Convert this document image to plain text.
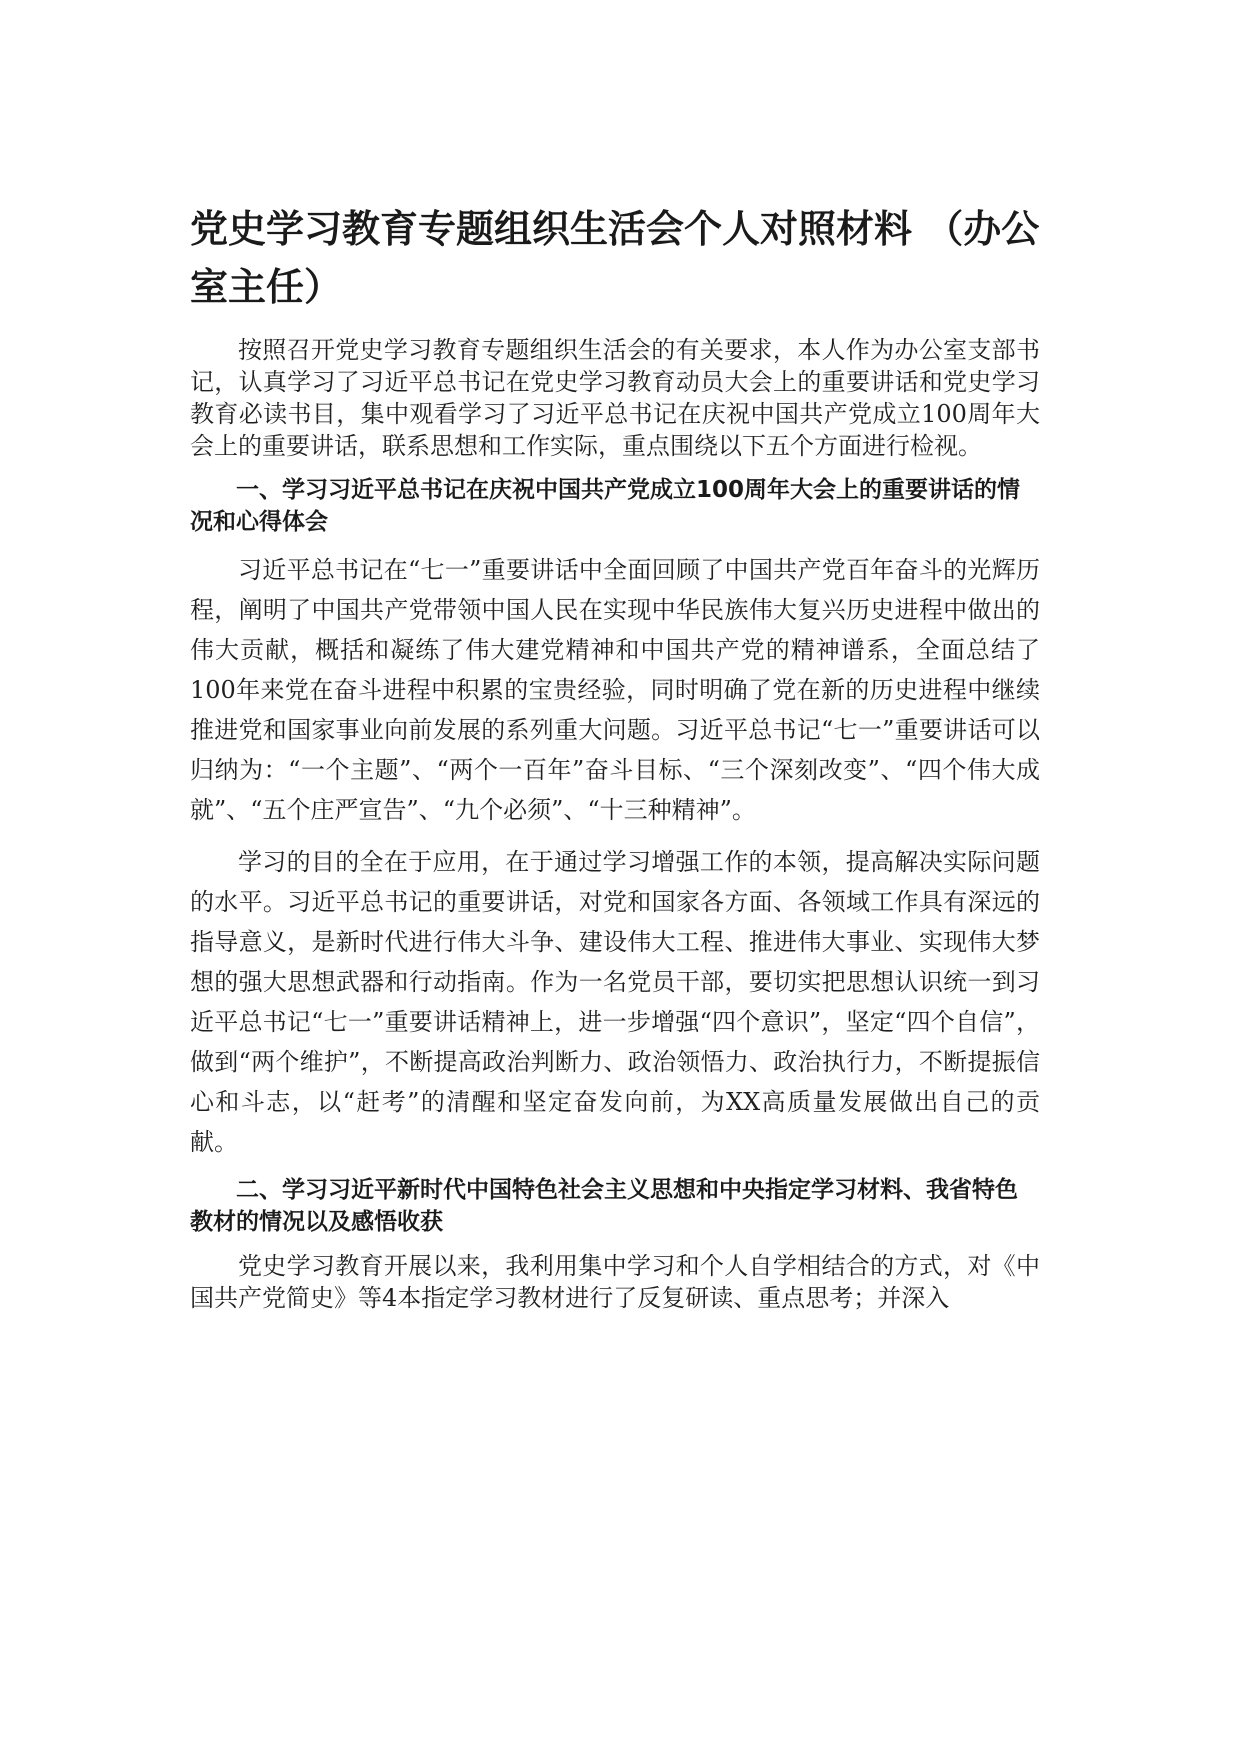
党史学习教育专题组织生活会个人对照材料 （办公室主任）

按照召开党史学习教育专题组织生活会的有关要求，本人作为办公室支部书记，认真学习了习近平总书记在党史学习教育动员大会上的重要讲话和党史学习教育必读书目，集中观看学习了习近平总书记在庆祝中国共产党成立100周年大会上的重要讲话，联系思想和工作实际，重点围绕以下五个方面进行检视。

一、学习习近平总书记在庆祝中国共产党成立100周年大会上的重要讲话的情况和心得体会

习近平总书记在“七一”重要讲话中全面回顾了中国共产党百年奋斗的光辉历程，阐明了中国共产党带领中国人民在实现中华民族伟大复兴历史进程中做出的伟大贡献，概括和凝练了伟大建党精神和中国共产党的精神谱系，全面总结了100年来党在奋斗进程中积累的宝贵经验，同时明确了党在新的历史进程中继续推进党和国家事业向前发展的系列重大问题。习近平总书记“七一”重要讲话可以归纳为：“一个主题”、“两个一百年”奋斗目标、“三个深刻改变”、“四个伟大成就”、“五个庄严宣告”、“九个必须”、“十三种精神”。

学习的目的全在于应用，在于通过学习增强工作的本领，提高解决实际问题的水平。习近平总书记的重要讲话，对党和国家各方面、各领域工作具有深远的指导意义，是新时代进行伟大斗争、建设伟大工程、推进伟大事业、实现伟大梦想的强大思想武器和行动指南。作为一名党员干部，要切实把思想认识统一到习近平总书记“七一”重要讲话精神上，进一步增强“四个意识”，坚定“四个自信”，做到“两个维护”，不断提高政治判断力、政治领悟力、政治执行力，不断提振信心和斗志，以“赶考”的清醒和坚定奋发向前，为XX高质量发展做出自己的贡献。

二、学习习近平新时代中国特色社会主义思想和中央指定学习材料、我省特色教材的情况以及感悟收获

党史学习教育开展以来，我利用集中学习和个人自学相结合的方式，对《中国共产党简史》等4本指定学习教材进行了反复研读、重点思考；并深入
